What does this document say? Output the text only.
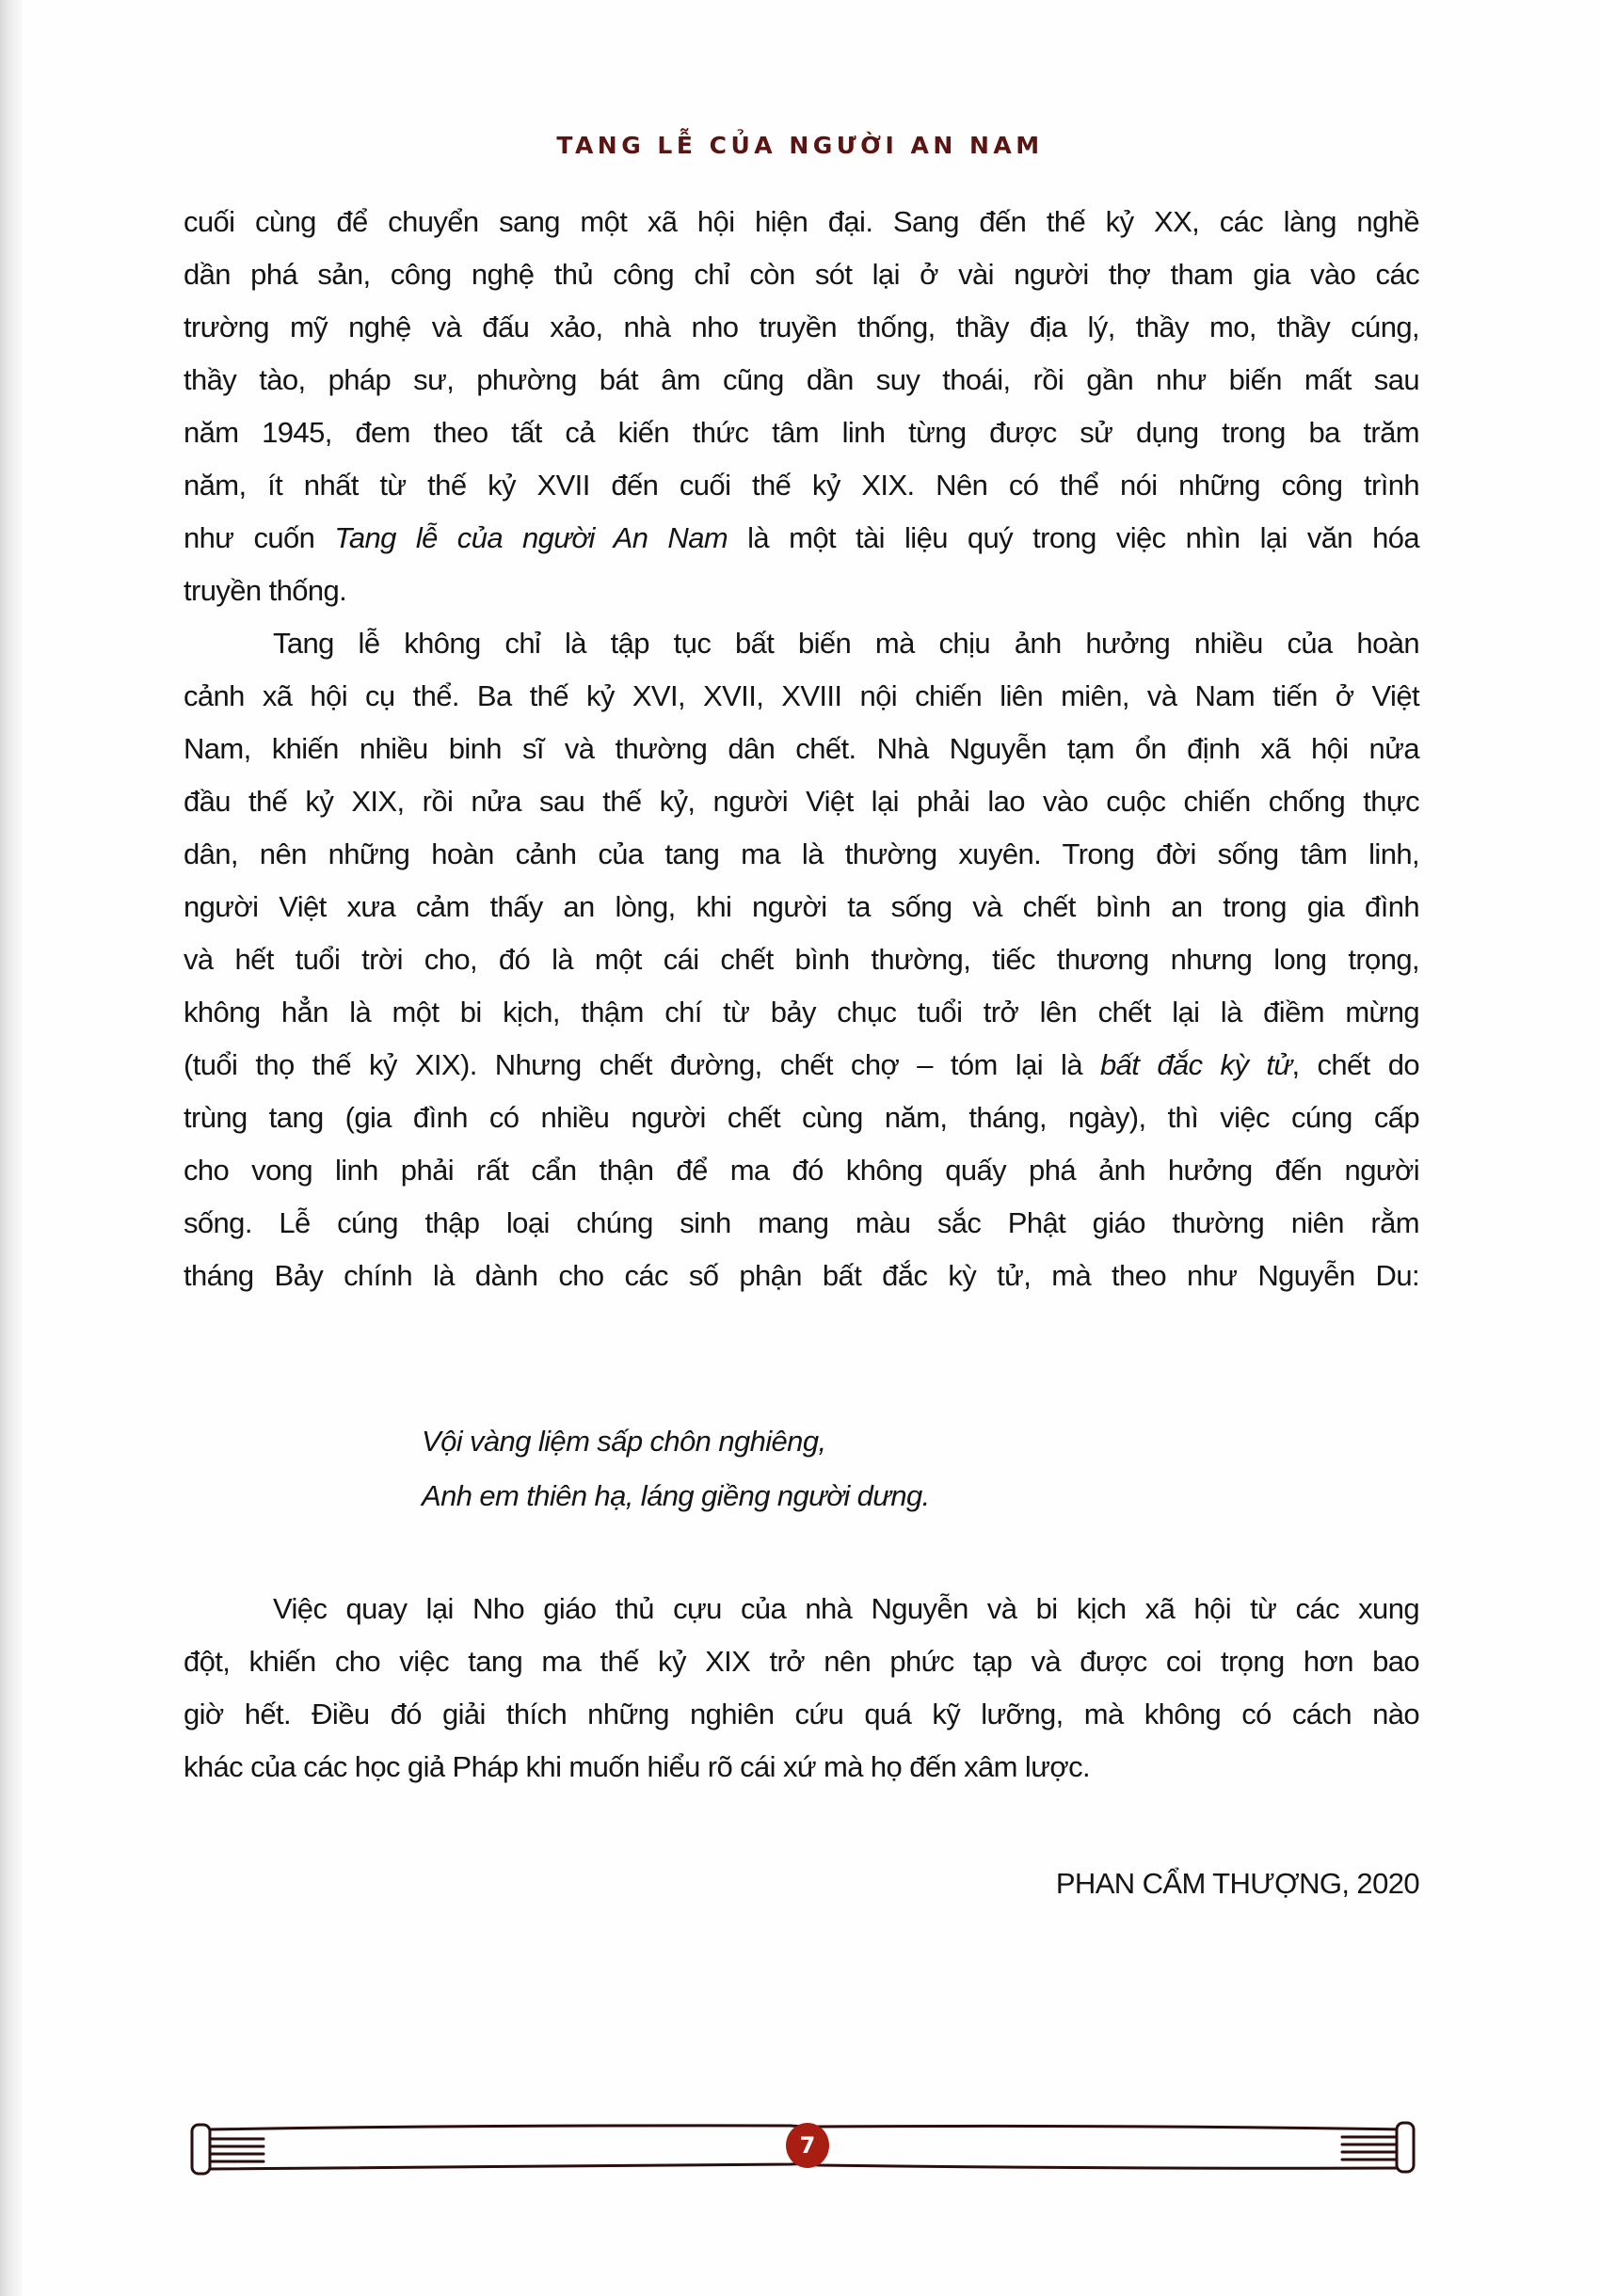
TANG LỄ CỦA NGƯỜI AN NAM
cuối cùng để chuyển sang một xã hội hiện đại. Sang đến thế kỷ XX, các làng nghề
dần phá sản, công nghệ thủ công chỉ còn sót lại ở vài người thợ tham gia vào các
trường mỹ nghệ và đấu xảo, nhà nho truyền thống, thầy địa lý, thầy mo, thầy cúng,
thầy tào, pháp sư, phường bát âm cũng dần suy thoái, rồi gần như biến mất sau
năm 1945, đem theo tất cả kiến thức tâm linh từng được sử dụng trong ba trăm
năm, ít nhất từ thế kỷ XVII đến cuối thế kỷ XIX. Nên có thể nói những công trình
như cuốn Tang lễ của người An Nam là một tài liệu quý trong việc nhìn lại văn hóa
truyền thống.
Tang lễ không chỉ là tập tục bất biến mà chịu ảnh hưởng nhiều của hoàn
cảnh xã hội cụ thể. Ba thế kỷ XVI, XVII, XVIII nội chiến liên miên, và Nam tiến ở Việt
Nam, khiến nhiều binh sĩ và thường dân chết. Nhà Nguyễn tạm ổn định xã hội nửa
đầu thế kỷ XIX, rồi nửa sau thế kỷ, người Việt lại phải lao vào cuộc chiến chống thực
dân, nên những hoàn cảnh của tang ma là thường xuyên. Trong đời sống tâm linh,
người Việt xưa cảm thấy an lòng, khi người ta sống và chết bình an trong gia đình
và hết tuổi trời cho, đó là một cái chết bình thường, tiếc thương nhưng long trọng,
không hẳn là một bi kịch, thậm chí từ bảy chục tuổi trở lên chết lại là điềm mừng
(tuổi thọ thế kỷ XIX). Nhưng chết đường, chết chợ – tóm lại là bất đắc kỳ tử, chết do
trùng tang (gia đình có nhiều người chết cùng năm, tháng, ngày), thì việc cúng cấp
cho vong linh phải rất cẩn thận để ma đó không quấy phá ảnh hưởng đến người
sống. Lễ cúng thập loại chúng sinh mang màu sắc Phật giáo thường niên rằm
tháng Bảy chính là dành cho các số phận bất đắc kỳ tử, mà theo như Nguyễn Du:
Vội vàng liệm sấp chôn nghiêng,
Anh em thiên hạ, láng giềng người dưng.
Việc quay lại Nho giáo thủ cựu của nhà Nguyễn và bi kịch xã hội từ các xung
đột, khiến cho việc tang ma thế kỷ XIX trở nên phức tạp và được coi trọng hơn bao
giờ hết. Điều đó giải thích những nghiên cứu quá kỹ lưỡng, mà không có cách nào
khác của các học giả Pháp khi muốn hiểu rõ cái xứ mà họ đến xâm lược.
PHAN CẨM THƯỢNG, 2020
7
